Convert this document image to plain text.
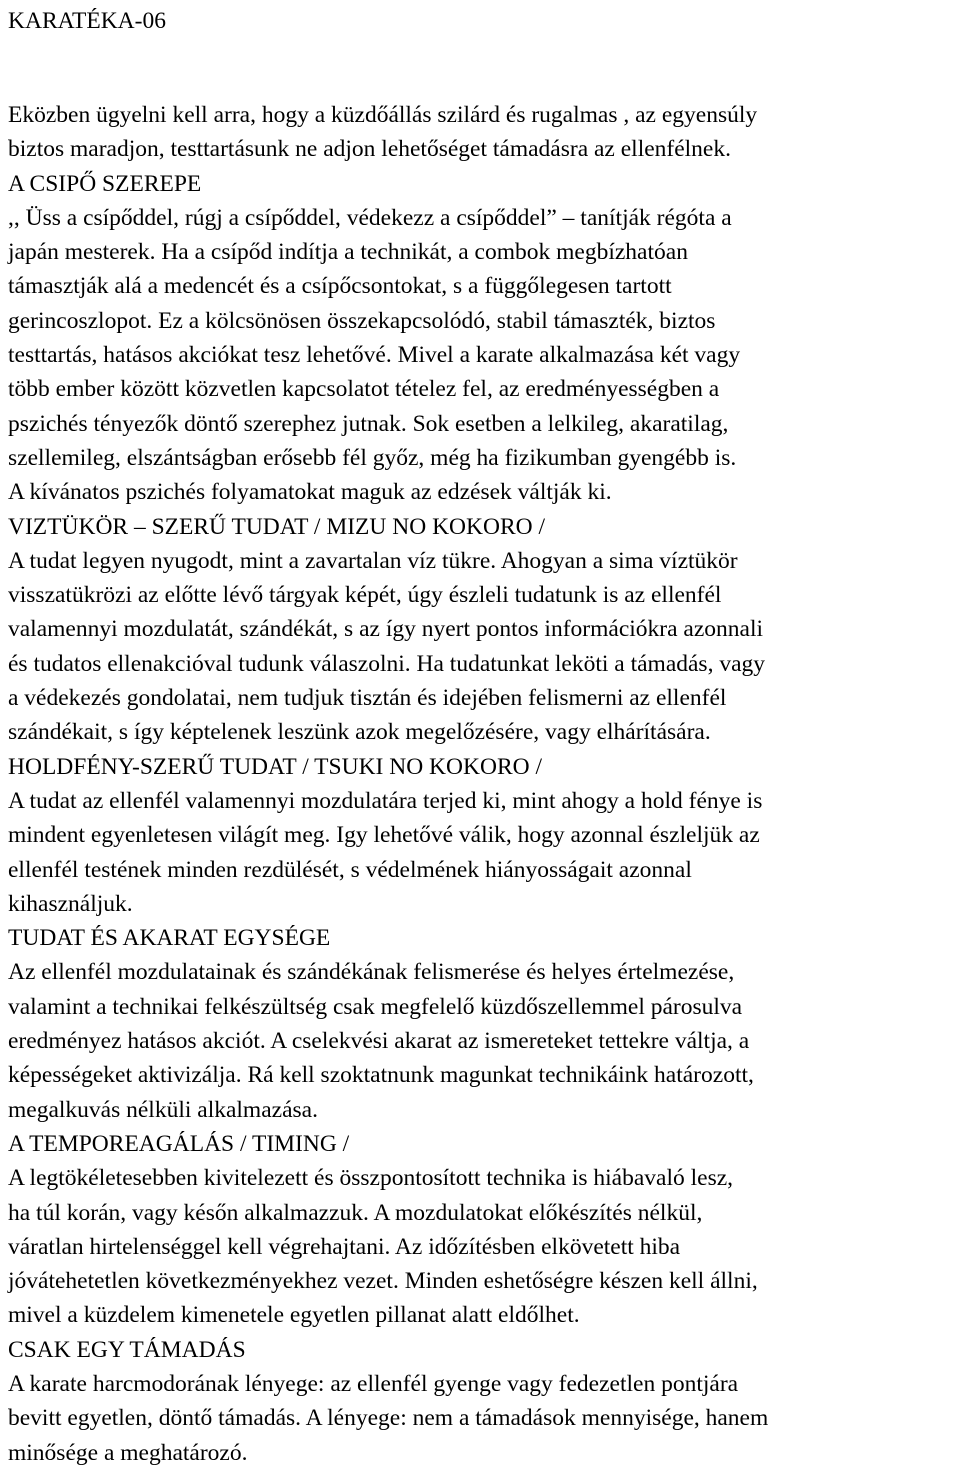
KARATÉKA-06
Eközben ügyelni kell arra, hogy a küzdőállás szilárd és rugalmas , az egyensúly
biztos maradjon, testtartásunk ne adjon lehetőséget támadásra az ellenfélnek.
A CSIPŐ SZEREPE
,, Üss a csípőddel, rúgj a csípőddel, védekezz a csípőddel” – tanítják régóta a
japán mesterek. Ha a csípőd indítja a technikát, a combok megbízhatóan
támasztják alá a medencét és a csípőcsontokat, s a függőlegesen tartott
gerincoszlopot. Ez a kölcsönösen összekapcsolódó, stabil támaszték, biztos
testtartás, hatásos akciókat tesz lehetővé. Mivel a karate alkalmazása két vagy
több ember között közvetlen kapcsolatot tételez fel, az eredményességben a
pszichés tényezők döntő szerephez jutnak. Sok esetben a lelkileg, akaratilag,
szellemileg, elszántságban erősebb fél győz, még ha fizikumban gyengébb is.
A kívánatos pszichés folyamatokat maguk az edzések váltják ki.
VIZTÜKÖR – SZERŰ TUDAT / MIZU NO KOKORO /
A tudat legyen nyugodt, mint a zavartalan víz tükre. Ahogyan a sima víztükör
visszatükrözi az előtte lévő tárgyak képét, úgy észleli tudatunk is az ellenfél
valamennyi mozdulatát, szándékát, s az így nyert pontos információkra azonnali
és tudatos ellenakcióval tudunk válaszolni. Ha tudatunkat leköti a támadás, vagy
a védekezés gondolatai, nem tudjuk tisztán és idejében felismerni az ellenfél
szándékait, s így képtelenek leszünk azok megelőzésére, vagy elhárítására.
HOLDFÉNY-SZERŰ TUDAT / TSUKI NO KOKORO /
A tudat az ellenfél valamennyi mozdulatára terjed ki, mint ahogy a hold fénye is
mindent egyenletesen világít meg. Igy lehetővé válik, hogy azonnal észleljük az
ellenfél testének minden rezdülését, s védelmének hiányosságait azonnal
kihasználjuk.
TUDAT ÉS AKARAT EGYSÉGE
Az ellenfél mozdulatainak és szándékának felismerése és helyes értelmezése,
valamint a technikai felkészültség csak megfelelő küzdőszellemmel párosulva
eredményez hatásos akciót. A cselekvési akarat az ismereteket tettekre váltja, a
képességeket aktivizálja. Rá kell szoktatnunk magunkat technikáink határozott,
megalkuvás nélküli alkalmazása.
A TEMPOREAGÁLÁS / TIMING /
A legtökéletesebben kivitelezett és összpontosított technika is hiábavaló lesz,
ha túl korán, vagy későn alkalmazzuk. A mozdulatokat előkészítés nélkül,
váratlan hirtelenséggel kell végrehajtani. Az időzítésben elkövetett hiba
jóvátehetetlen következményekhez vezet. Minden eshetőségre készen kell állni,
mivel a küzdelem kimenetele egyetlen pillanat alatt eldőlhet.
CSAK EGY TÁMADÁS
A karate harcmodorának lényege: az ellenfél gyenge vagy fedezetlen pontjára
bevitt egyetlen, döntő támadás. A lényege: nem a támadások mennyisége, hanem
minősége a meghatározó.
